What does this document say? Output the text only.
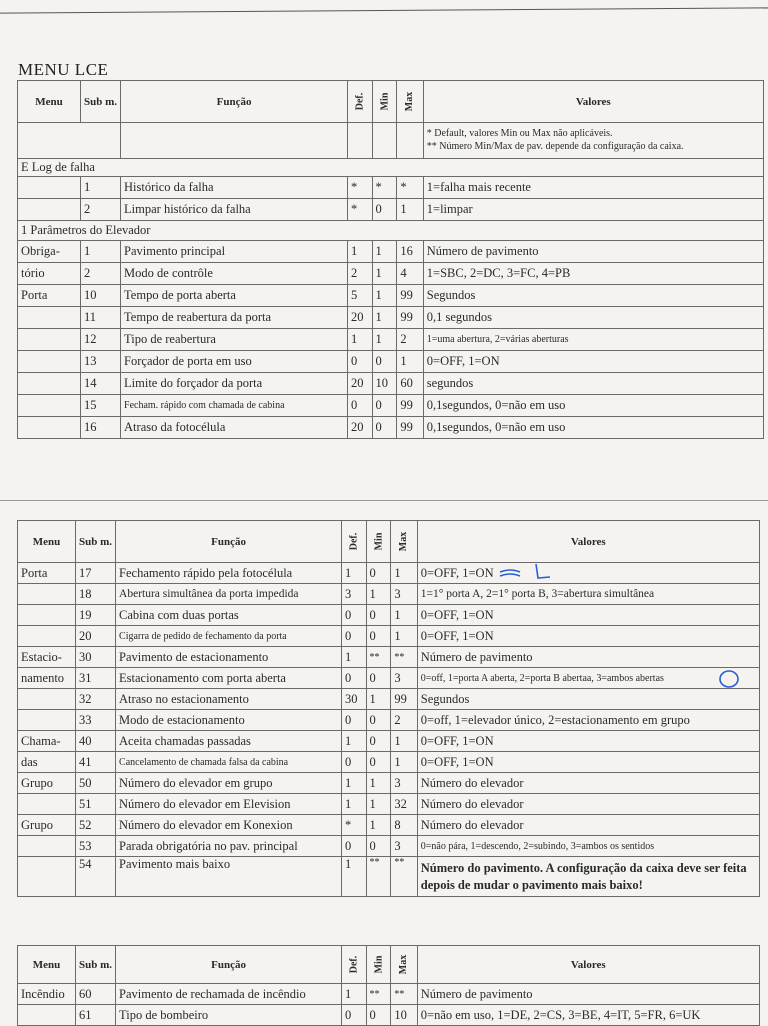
MENU LCE
Menu	Sub m.	Função	Def.	Min	Max	Valores

						* Default, valores Min ou Max não aplicáveis.
** Número Min/Max de pav. depende da configuração da caixa.

E Log de falha						
	1	Histórico da falha	*	*	*	1=falha mais recente
	2	Limpar histórico da falha	*	0	1	1=limpar
1 Parâmetros do Elevador						
Obriga-	1	Pavimento principal	1	1	16	Número de pavimento
tório	2	Modo de contrôle	2	1	4	1=SBC, 2=DC, 3=FC, 4=PB
Porta	10	Tempo de porta aberta	5	1	99	Segundos
	11	Tempo de reabertura da porta	20	1	99	0,1 segundos
	12	Tipo de reabertura	1	1	2	1=uma abertura, 2=várias aberturas
	13	Forçador de porta em uso	0	0	1	0=OFF, 1=ON
	14	Limite do forçador da porta	20	10	60	segundos
	15	Fecham. rápido com chamada de cabina	0	0	99	0,1segundos, 0=não em uso
	16	Atraso da fotocélula	20	0	99	0,1segundos, 0=não em uso
Menu	Sub m.	Função	Def.	Min	Max	Valores
Porta	17	Fechamento rápido pela fotocélula	1	0	1	0=OFF, 1=ON
	18	Abertura simultânea da porta impedida	3	1	3	1=1° porta A, 2=1° porta B, 3=abertura simultânea
	19	Cabina com duas portas	0	0	1	0=OFF, 1=ON
	20	Cigarra de pedido de fechamento da porta	0	0	1	0=OFF, 1=ON
Estacio-	30	Pavimento de estacionamento	1	**	**	Número de pavimento
namento	31	Estacionamento com porta aberta	0	0	3	0=off, 1=porta A aberta, 2=porta B abertaa, 3=ambos abertas
	32	Atraso no estacionamento	30	1	99	Segundos
	33	Modo de estacionamento	0	0	2	0=off, 1=elevador único, 2=estacionamento em grupo
Chama-	40	Aceita chamadas passadas	1	0	1	0=OFF, 1=ON
das	41	Cancelamento de chamada falsa da cabina	0	0	1	0=OFF, 1=ON
Grupo	50	Número do elevador em grupo	1	1	3	Número do elevador
	51	Número do elevador em Elevision	1	1	32	Número do elevador
Grupo	52	Número do elevador em Konexion	*	1	8	Número do elevador
	53	Parada obrigatória no pav. principal	0	0	3	0=não pára, 1=descendo, 2=subindo, 3=ambos os sentidos
	54	Pavimento mais baixo	1	**	**	Número do pavimento. A configuração da caixa deve ser feita depois de mudar o pavimento mais baixo!
Menu	Sub m.	Função	Def.	Min	Max	Valores
Incêndio	60	Pavimento de rechamada de incêndio	1	**	**	Número de pavimento
	61	Tipo de bombeiro	0	0	10	0=não em uso, 1=DE, 2=CS, 3=BE, 4=IT, 5=FR, 6=UK
